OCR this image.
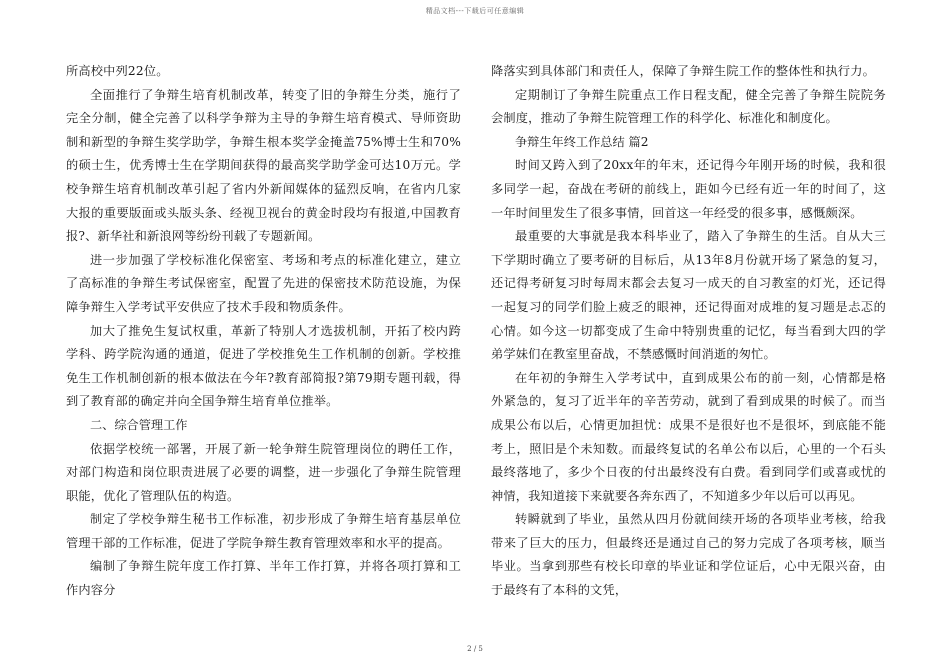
精品文档---下载后可任意编辑

所高校中列22位。

全面推行了争辩生培育机制改革，转变了旧的争辩生分类，施行了完全分制，健全完善了以科学争辩为主导的争辩生培育模式、导师资助制和新型的争辩生奖学助学，争辩生根本奖学金掩盖75%博士生和70%的硕士生，优秀博士生在学期间获得的最高奖学助学金可达10万元。学校争辩生培育机制改革引起了省内外新闻媒体的猛烈反响，在省内几家大报的重要版面或头版头条、经视卫视台的黄金时段均有报道,中国教育报?、新华社和新浪网等纷纷刊载了专题新闻。

进一步加强了学校标准化保密室、考场和考点的标准化建立，建立了高标准的争辩生考试保密室，配置了先进的保密技术防范设施，为保障争辩生入学考试平安供应了技术手段和物质条件。

加大了推免生复试权重，革新了特别人才选拔机制，开拓了校内跨学科、跨学院沟通的通道，促进了学校推免生工作机制的创新。学校推免生工作机制创新的根本做法在今年?教育部简报?第79期专题刊载，得到了教育部的确定并向全国争辩生培育单位推举。

二、综合管理工作

依据学校统一部署，开展了新一轮争辩生院管理岗位的聘任工作，对部门构造和岗位职责进展了必要的调整，进一步强化了争辩生院管理职能，优化了管理队伍的构造。

制定了学校争辩生秘书工作标准，初步形成了争辩生培育基层单位管理干部的工作标准，促进了学院争辩生教育管理效率和水平的提高。

编制了争辩生院年度工作打算、半年工作打算，并将各项打算和工作内容分

降落实到具体部门和责任人，保障了争辩生院工作的整体性和执行力。

定期制订了争辩生院重点工作日程支配，健全完善了争辩生院院务会制度，推动了争辩生院管理工作的科学化、标准化和制度化。

争辩生年终工作总结 篇2

时间又跨入到了20xx年的年末，还记得今年刚开场的时候，我和很多同学一起，奋战在考研的前线上，距如今已经有近一年的时间了，这一年时间里发生了很多事情，回首这一年经受的很多事，感慨颇深。

最重要的大事就是我本科毕业了，踏入了争辩生的生活。自从大三下学期时确立了要考研的目标后，从13年8月份就开场了紧急的复习，还记得考研复习时每周末都会去复习一成天的自习教室的灯光，还记得一起复习的同学们脸上疲乏的眼神，还记得面对成堆的复习题是忐忑的心情。如今这一切都变成了生命中特别贵重的记忆，每当看到大四的学弟学妹们在教室里奋战，不禁感慨时间消逝的匆忙。

在年初的争辩生入学考试中，直到成果公布的前一刻，心情都是格外紧急的，复习了近半年的辛苦劳动，就到了看到成果的时候了。而当成果公布以后，心情更加担忧：成果不是很好也不是很坏，到底能不能考上，照旧是个未知数。而最终复试的名单公布以后，心里的一个石头最终落地了，多少个日夜的付出最终没有白费。看到同学们或喜或忧的神情，我知道接下来就要各奔东西了，不知道多少年以后可以再见。

转瞬就到了毕业，虽然从四月份就间续开场的各项毕业考核，给我带来了巨大的压力，但最终还是通过自己的努力完成了各项考核，顺当毕业。当拿到那些有校长印章的毕业证和学位证后，心中无限兴奋，由于最终有了本科的文凭，

2 / 5
